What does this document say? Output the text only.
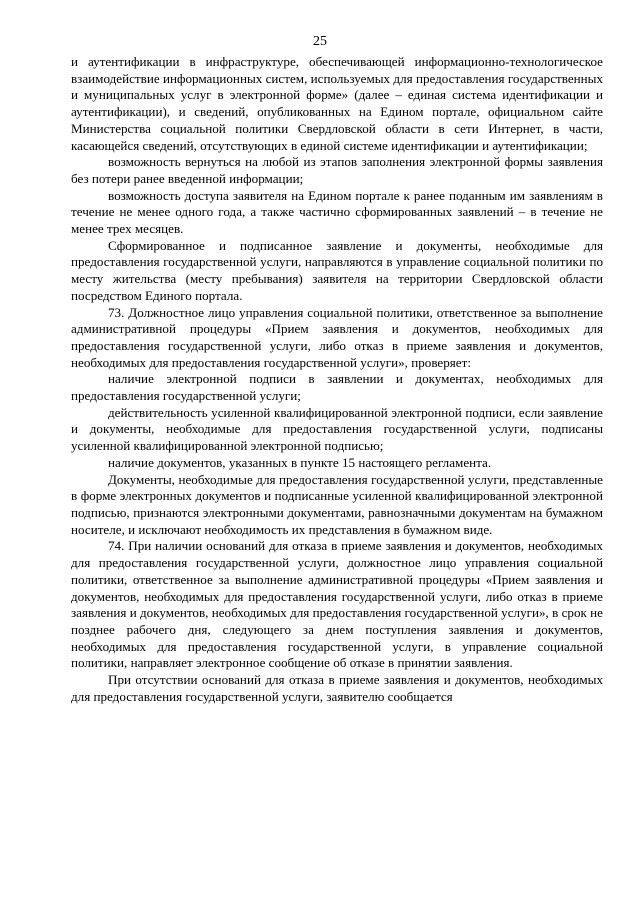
25

и аутентификации в инфраструктуре, обеспечивающей информационно-технологическое взаимодействие информационных систем, используемых для предоставления государственных и муниципальных услуг в электронной форме» (далее – единая система идентификации и аутентификации), и сведений, опубликованных на Едином портале, официальном сайте Министерства социальной политики Свердловской области в сети Интернет, в части, касающейся сведений, отсутствующих в единой системе идентификации и аутентификации;

возможность вернуться на любой из этапов заполнения электронной формы заявления без потери ранее введенной информации;

возможность доступа заявителя на Едином портале к ранее поданным им заявлениям в течение не менее одного года, а также частично сформированных заявлений – в течение не менее трех месяцев.

Сформированное и подписанное заявление и документы, необходимые для предоставления государственной услуги, направляются в управление социальной политики по месту жительства (месту пребывания) заявителя на территории Свердловской области посредством Единого портала.

73. Должностное лицо управления социальной политики, ответственное за выполнение административной процедуры «Прием заявления и документов, необходимых для предоставления государственной услуги, либо отказ в приеме заявления и документов, необходимых для предоставления государственной услуги», проверяет:

наличие электронной подписи в заявлении и документах, необходимых для предоставления государственной услуги;

действительность усиленной квалифицированной электронной подписи, если заявление и документы, необходимые для предоставления государственной услуги, подписаны усиленной квалифицированной электронной подписью;

наличие документов, указанных в пункте 15 настоящего регламента.

Документы, необходимые для предоставления государственной услуги, представленные в форме электронных документов и подписанные усиленной квалифицированной электронной подписью, признаются электронными документами, равнозначными документам на бумажном носителе, и исключают необходимость их представления в бумажном виде.

74. При наличии оснований для отказа в приеме заявления и документов, необходимых для предоставления государственной услуги, должностное лицо управления социальной политики, ответственное за выполнение административной процедуры «Прием заявления и документов, необходимых для предоставления государственной услуги, либо отказ в приеме заявления и документов, необходимых для предоставления государственной услуги», в срок не позднее рабочего дня, следующего за днем поступления заявления и документов, необходимых для предоставления государственной услуги, в управление социальной политики, направляет электронное сообщение об отказе в принятии заявления.

При отсутствии оснований для отказа в приеме заявления и документов, необходимых для предоставления государственной услуги, заявителю сообщается
